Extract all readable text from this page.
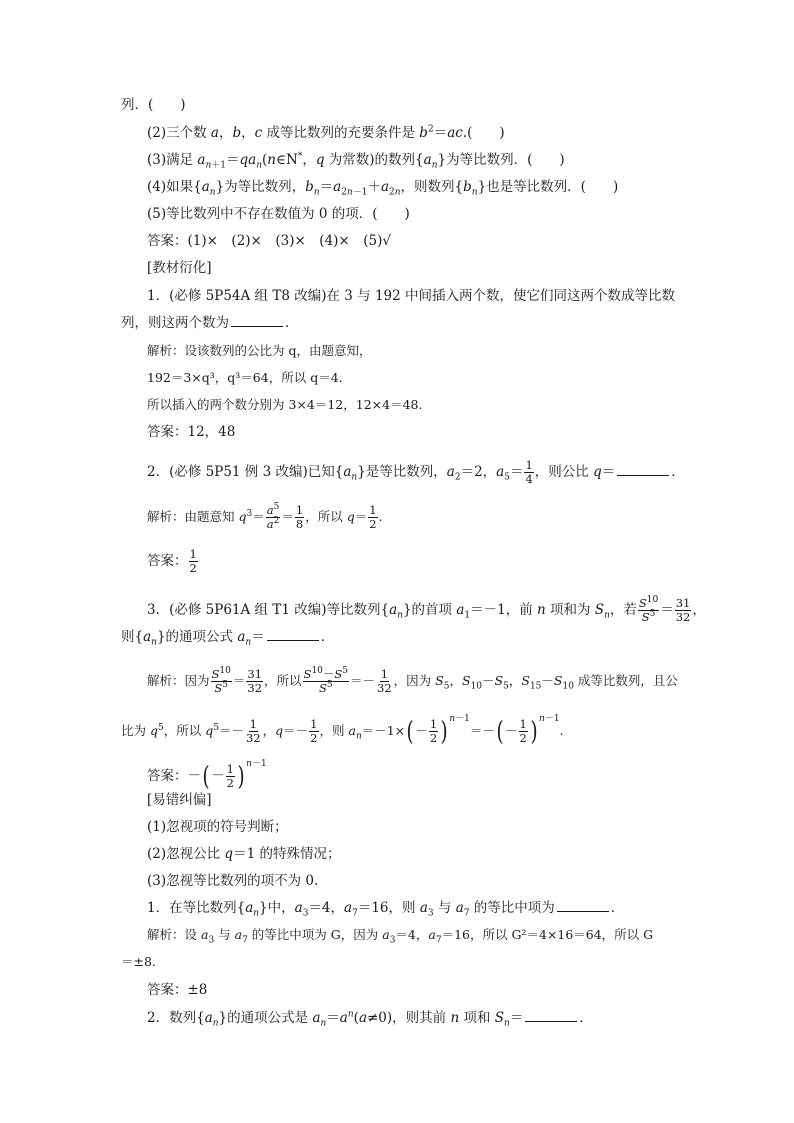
列．(　　)
(2)三个数 a，b，c 成等比数列的充要条件是 $b^2=ac$.(　　)
(3)满足 $a_{n+1}=qa_n(n\in N^*$，q 为常数)的数列$\{a_n\}$为等比数列．(　　)
(4)如果$\{a_n\}$为等比数列，$b_n=a_{2n-1}+a_{2n}$，则数列$\{b_n\}$也是等比数列．(　　)
(5)等比数列中不存在数值为 0 的项．(　　)
答案：(1)×　(2)×　(3)×　(4)×　(5)√
[教材衍化]
1．(必修 5P54A 组 T8 改编)在 3 与 192 中间插入两个数，使它们同这两个数成等比数
列，则这两个数为	．
解析：设该数列的公比为 q，由题意知，
192＝3×q³，q³＝64，所以 q＝4.
所以插入的两个数分别为 3×4＝12，12×4＝48.
答案：12，48
2．(必修 5P51 例 3 改编)已知$\{a_n\}$是等比数列，$a_2=2$，$a_5= \frac{1}{4}$ ，则公比 q＝	．
解析：由题意知 $q^3= \frac{a^5}{a^2} = \frac{1}{8}$ ，所以 $q= \frac{1}{2}$ .
答案： $\frac{1}{2}$
3．(必修 5P61A 组 T1 改编)等比数列$\{a_n\}$的首项 $a_1=-1$，前 n 项和为 $S_n$，若 $\frac{S^{10}}{S^5} = \frac{31}{32}$ ，
则$\{a_n\}$的通项公式 $a_n=$	．
解析：因为 $\frac{S^{10}}{S^5} = \frac{31}{32}$ ，所以 $\frac{S^{10}-S^5}{S^5} =- \frac{1}{32}$ ，因为 $S_5$，$S_{10}-S_5$，$S_{15}-S_{10}$ 成等比数列，且公
比为 $q^5$，所以 $q^5=- \frac{1}{32}$ ，$q=- \frac{1}{2}$ ，则 $a_n=-1\times( - \frac{1}{2}$ ) $^{n-1}=-( - \frac{1}{2}$ ) $^{n-1}$.
答案：－( － $\frac{1}{2}$ ) $^{n-1}$
[易错纠偏]
(1)忽视项的符号判断；
(2)忽视公比 q＝1 的特殊情况；
(3)忽视等比数列的项不为 0.
1．在等比数列$\{a_n\}$中，$a_3=4$，$a_7=16$，则 $a_3$ 与 $a_7$ 的等比中项为	．
解析：设 $a_3$ 与 $a_7$ 的等比中项为 G，因为 $a_3=4$，$a_7=16$，所以 G²＝4×16＝64，所以 G
＝±8.
答案：±8
2．数列$\{a_n\}$的通项公式是 $a_n=a^n(a\ne 0)$，则其前 n 项和 $S_n=$	．
